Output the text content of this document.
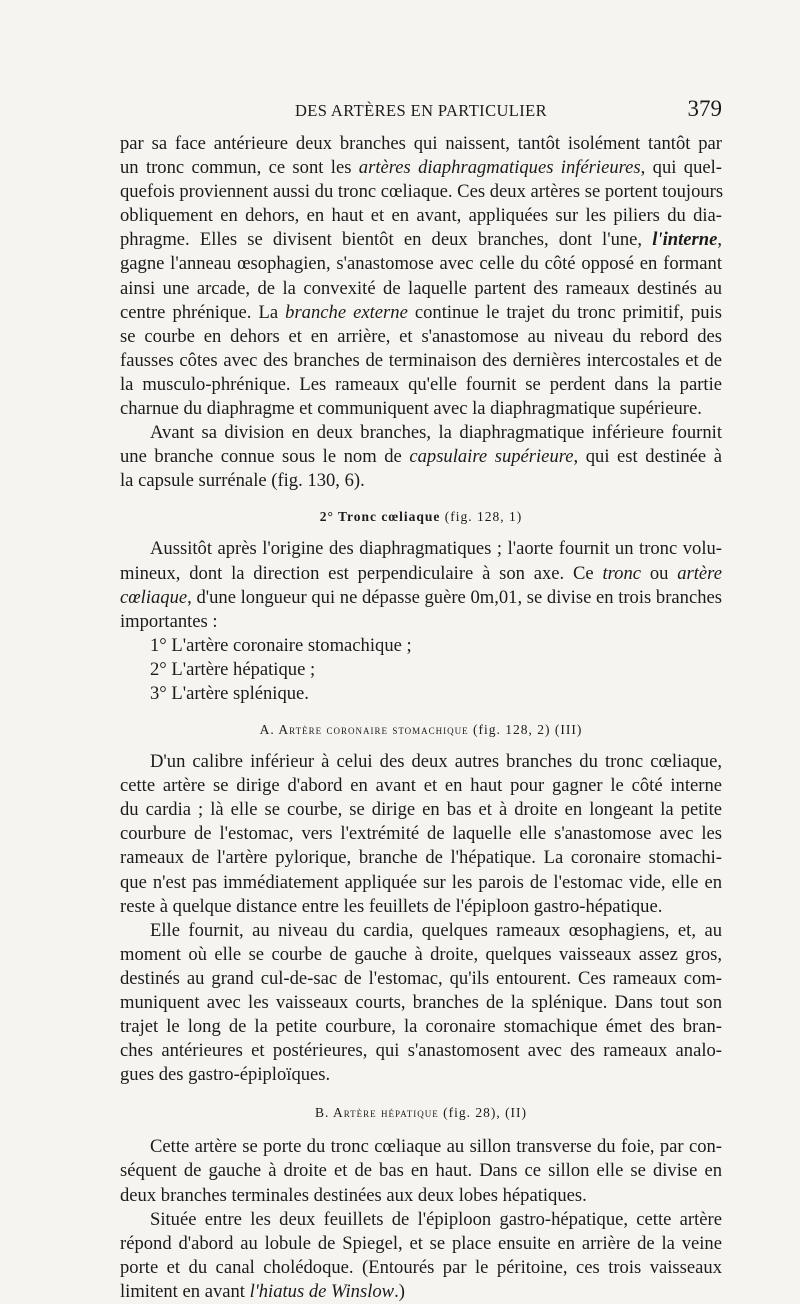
DES ARTÈRES EN PARTICULIER	379
par sa face antérieure deux branches qui naissent, tantôt isolément tantôt par
un tronc commun, ce sont les artères diaphragmatiques inférieures, qui quel-
quefois proviennent aussi du tronc cœliaque. Ces deux artères se portent toujours
obliquement en dehors, en haut et en avant, appliquées sur les piliers du dia-
phragme. Elles se divisent bientôt en deux branches, dont l'une, l'interne,
gagne l'anneau œsophagien, s'anastomose avec celle du côté opposé en formant
ainsi une arcade, de la convexité de laquelle partent des rameaux destinés au
centre phrénique. La branche externe continue le trajet du tronc primitif, puis
se courbe en dehors et en arrière, et s'anastomose au niveau du rebord des
fausses côtes avec des branches de terminaison des dernières intercostales et de
la musculo-phrénique. Les rameaux qu'elle fournit se perdent dans la partie
charnue du diaphragme et communiquent avec la diaphragmatique supérieure.
Avant sa division en deux branches, la diaphragmatique inférieure fournit
une branche connue sous le nom de capsulaire supérieure, qui est destinée à
la capsule surrénale (fig. 130, 6).
2° Tronc cœliaque (fig. 128, 1)
Aussitôt après l'origine des diaphragmatiques ; l'aorte fournit un tronc volu-
mineux, dont la direction est perpendiculaire à son axe. Ce tronc ou artère
cœliaque, d'une longueur qui ne dépasse guère 0m,01, se divise en trois branches
importantes :
1° L'artère coronaire stomachique ;
2° L'artère hépatique ;
3° L'artère splénique.
A. Artère coronaire stomachique (fig. 128, 2) (III)
D'un calibre inférieur à celui des deux autres branches du tronc cœliaque,
cette artère se dirige d'abord en avant et en haut pour gagner le côté interne
du cardia ; là elle se courbe, se dirige en bas et à droite en longeant la petite
courbure de l'estomac, vers l'extrémité de laquelle elle s'anastomose avec les
rameaux de l'artère pylorique, branche de l'hépatique. La coronaire stomachi-
que n'est pas immédiatement appliquée sur les parois de l'estomac vide, elle en
reste à quelque distance entre les feuillets de l'épiploon gastro-hépatique.
Elle fournit, au niveau du cardia, quelques rameaux œsophagiens, et, au
moment où elle se courbe de gauche à droite, quelques vaisseaux assez gros,
destinés au grand cul-de-sac de l'estomac, qu'ils entourent. Ces rameaux com-
muniquent avec les vaisseaux courts, branches de la splénique. Dans tout son
trajet le long de la petite courbure, la coronaire stomachique émet des bran-
ches antérieures et postérieures, qui s'anastomosent avec des rameaux analo-
gues des gastro-épiploïques.
B. Artère hépatique (fig. 28), (II)
Cette artère se porte du tronc cœliaque au sillon transverse du foie, par con-
séquent de gauche à droite et de bas en haut. Dans ce sillon elle se divise en
deux branches terminales destinées aux deux lobes hépatiques.
Située entre les deux feuillets de l'épiploon gastro-hépatique, cette artère
répond d'abord au lobule de Spiegel, et se place ensuite en arrière de la veine
porte et du canal cholédoque. (Entourés par le péritoine, ces trois vaisseaux
limitent en avant l'hiatus de Winslow.)
